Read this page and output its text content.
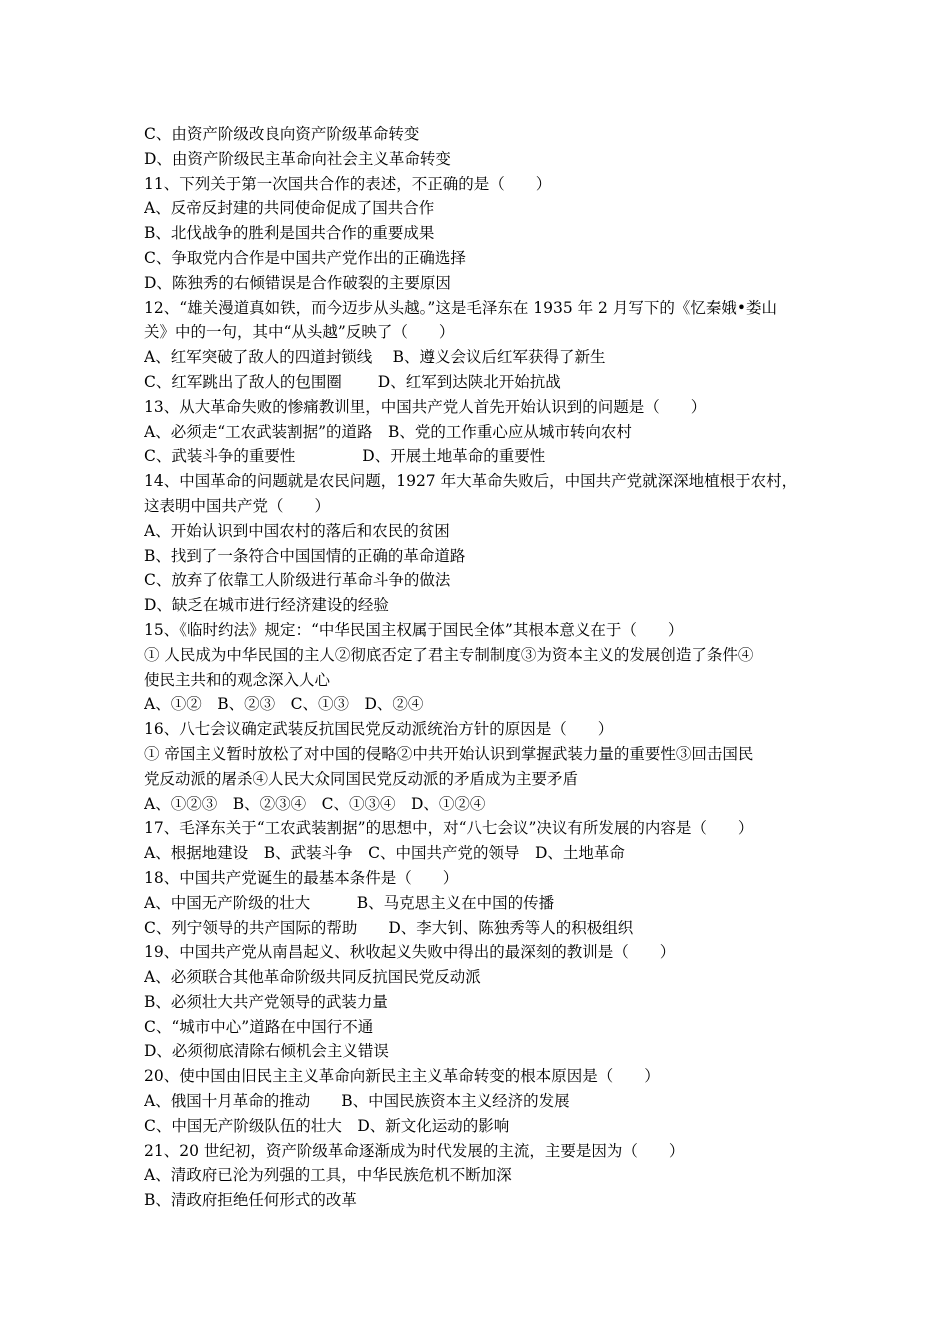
C、由资产阶级改良向资产阶级革命转变
D、由资产阶级民主革命向社会主义革命转变
11、下列关于第一次国共合作的表述，不正确的是（　　）
A、反帝反封建的共同使命促成了国共合作
B、北伐战争的胜利是国共合作的重要成果
C、争取党内合作是中国共产党作出的正确选择
D、陈独秀的右倾错误是合作破裂的主要原因
12、“雄关漫道真如铁，而今迈步从头越。”这是毛泽东在 1935 年 2 月写下的《忆秦娥•娄山
关》中的一句，其中“从头越”反映了（　　）
A、红军突破了敌人的四道封锁线　 B、遵义会议后红军获得了新生
C、红军跳出了敌人的包围圈　　 D、红军到达陕北开始抗战
13、从大革命失败的惨痛教训里，中国共产党人首先开始认识到的问题是（　　）
A、必须走“工农武装割据”的道路　B、党的工作重心应从城市转向农村
C、武装斗争的重要性　　　　 D、开展土地革命的重要性
14、中国革命的问题就是农民问题，1927 年大革命失败后，中国共产党就深深地植根于农村，
这表明中国共产党（　　）
A、开始认识到中国农村的落后和农民的贫困
B、找到了一条符合中国国情的正确的革命道路
C、放弃了依靠工人阶级进行革命斗争的做法
D、缺乏在城市进行经济建设的经验
15、《临时约法》规定：“中华民国主权属于国民全体”其根本意义在于（　　）
① 人民成为中华民国的主人②彻底否定了君主专制制度③为资本主义的发展创造了条件④
使民主共和的观念深入人心
A、①②　B、②③　C、①③　D、②④
16、八七会议确定武装反抗国民党反动派统治方针的原因是（　　）
① 帝国主义暂时放松了对中国的侵略②中共开始认识到掌握武装力量的重要性③回击国民
党反动派的屠杀④人民大众同国民党反动派的矛盾成为主要矛盾
A、①②③　B、②③④　C、①③④　D、①②④
17、毛泽东关于“工农武装割据”的思想中，对“八七会议”决议有所发展的内容是（　　）
A、根据地建设　B、武装斗争　C、中国共产党的领导　D、土地革命
18、中国共产党诞生的最基本条件是（　　）
A、中国无产阶级的壮大　　　B、马克思主义在中国的传播
C、列宁领导的共产国际的帮助　　D、李大钊、陈独秀等人的积极组织
19、中国共产党从南昌起义、秋收起义失败中得出的最深刻的教训是（　　）
A、必须联合其他革命阶级共同反抗国民党反动派
B、必须壮大共产党领导的武装力量
C、“城市中心”道路在中国行不通
D、必须彻底清除右倾机会主义错误
20、使中国由旧民主主义革命向新民主主义革命转变的根本原因是（　　）
A、俄国十月革命的推动　　B、中国民族资本主义经济的发展
C、中国无产阶级队伍的壮大　D、新文化运动的影响
21、20 世纪初，资产阶级革命逐渐成为时代发展的主流，主要是因为（　　）
A、清政府已沦为列强的工具，中华民族危机不断加深
B、清政府拒绝任何形式的改革
